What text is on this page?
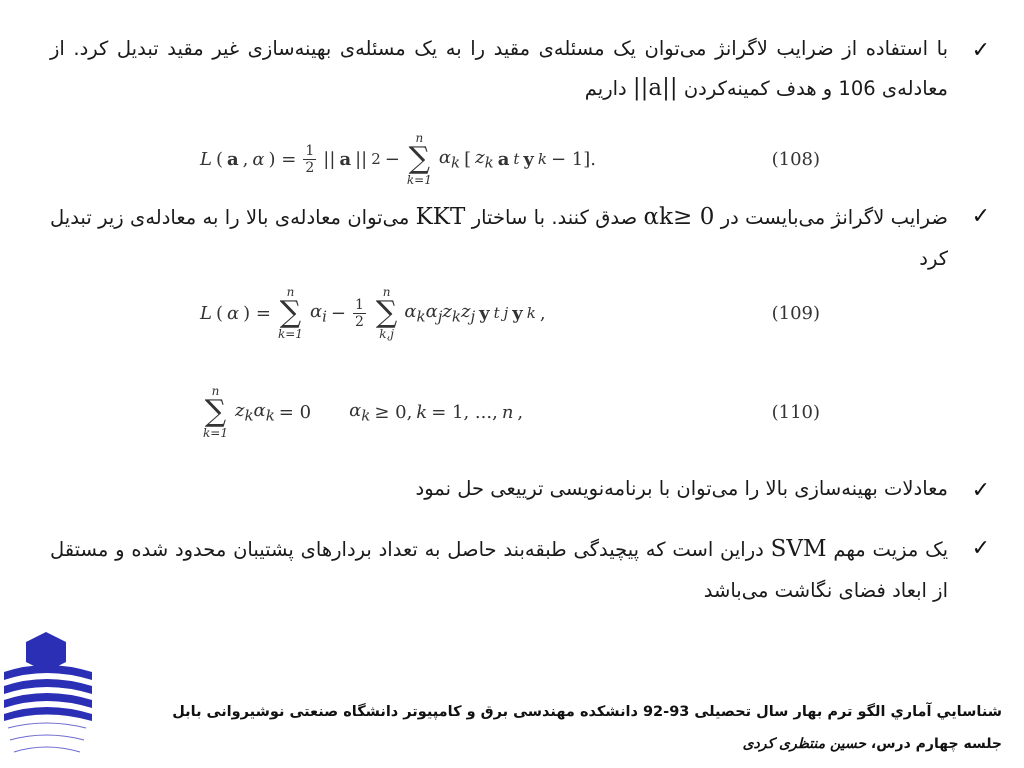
✓
با استفاده از ضرايب لاگرانژ می‌توان يک مسئله‌ی مقيد را به يک مسئله‌ی بهينه‌سازی غير مقيد تبديل کرد. از معادله‌ی 106 و هدف کمينه‌کردن ||a|| داريم
L ( a , α ) = $\frac{1}{2}$ || a || 2 −
n
∑
k=1
$\alpha_k$ [ $z_k$ a t y k − 1].	(108)
✓
ضرايب لاگرانژ می‌بايست در αk≥ 0 صدق کنند. با ساختار KKT می‌توان معادله‌ی بالا را به معادله‌ی زير تبديل کرد
L ( α ) =
n
∑
k=1
$\alpha_i - \frac{1}{2}$
n
∑
k,j
$\alpha_k\alpha_jz_kz_j$ y t j y k ,	(109)
n
∑
k=1
$z_k\alpha_k = 0$ $\alpha_k \ge 0$, k = 1, ..., n ,	(110)
✓
معادلات بهينه‌سازی بالا را می‌توان با برنامه‌نويسی ترييعی حل نمود
✓
يک مزيت مهم SVM دراين است که پيچيدگی طبقه‌بند حاصل به تعداد بردارهای پشتيبان محدود شده و مستقل از ابعاد فضای نگاشت می‌باشد
شناسايي آماري الگو ترم بهار سال تحصيلی 93-92 دانشکده مهندسی برق و کامپيوتر دانشگاه صنعتی نوشيروانی بابل
جلسه چهارم درس، حسين منتظری کردی
